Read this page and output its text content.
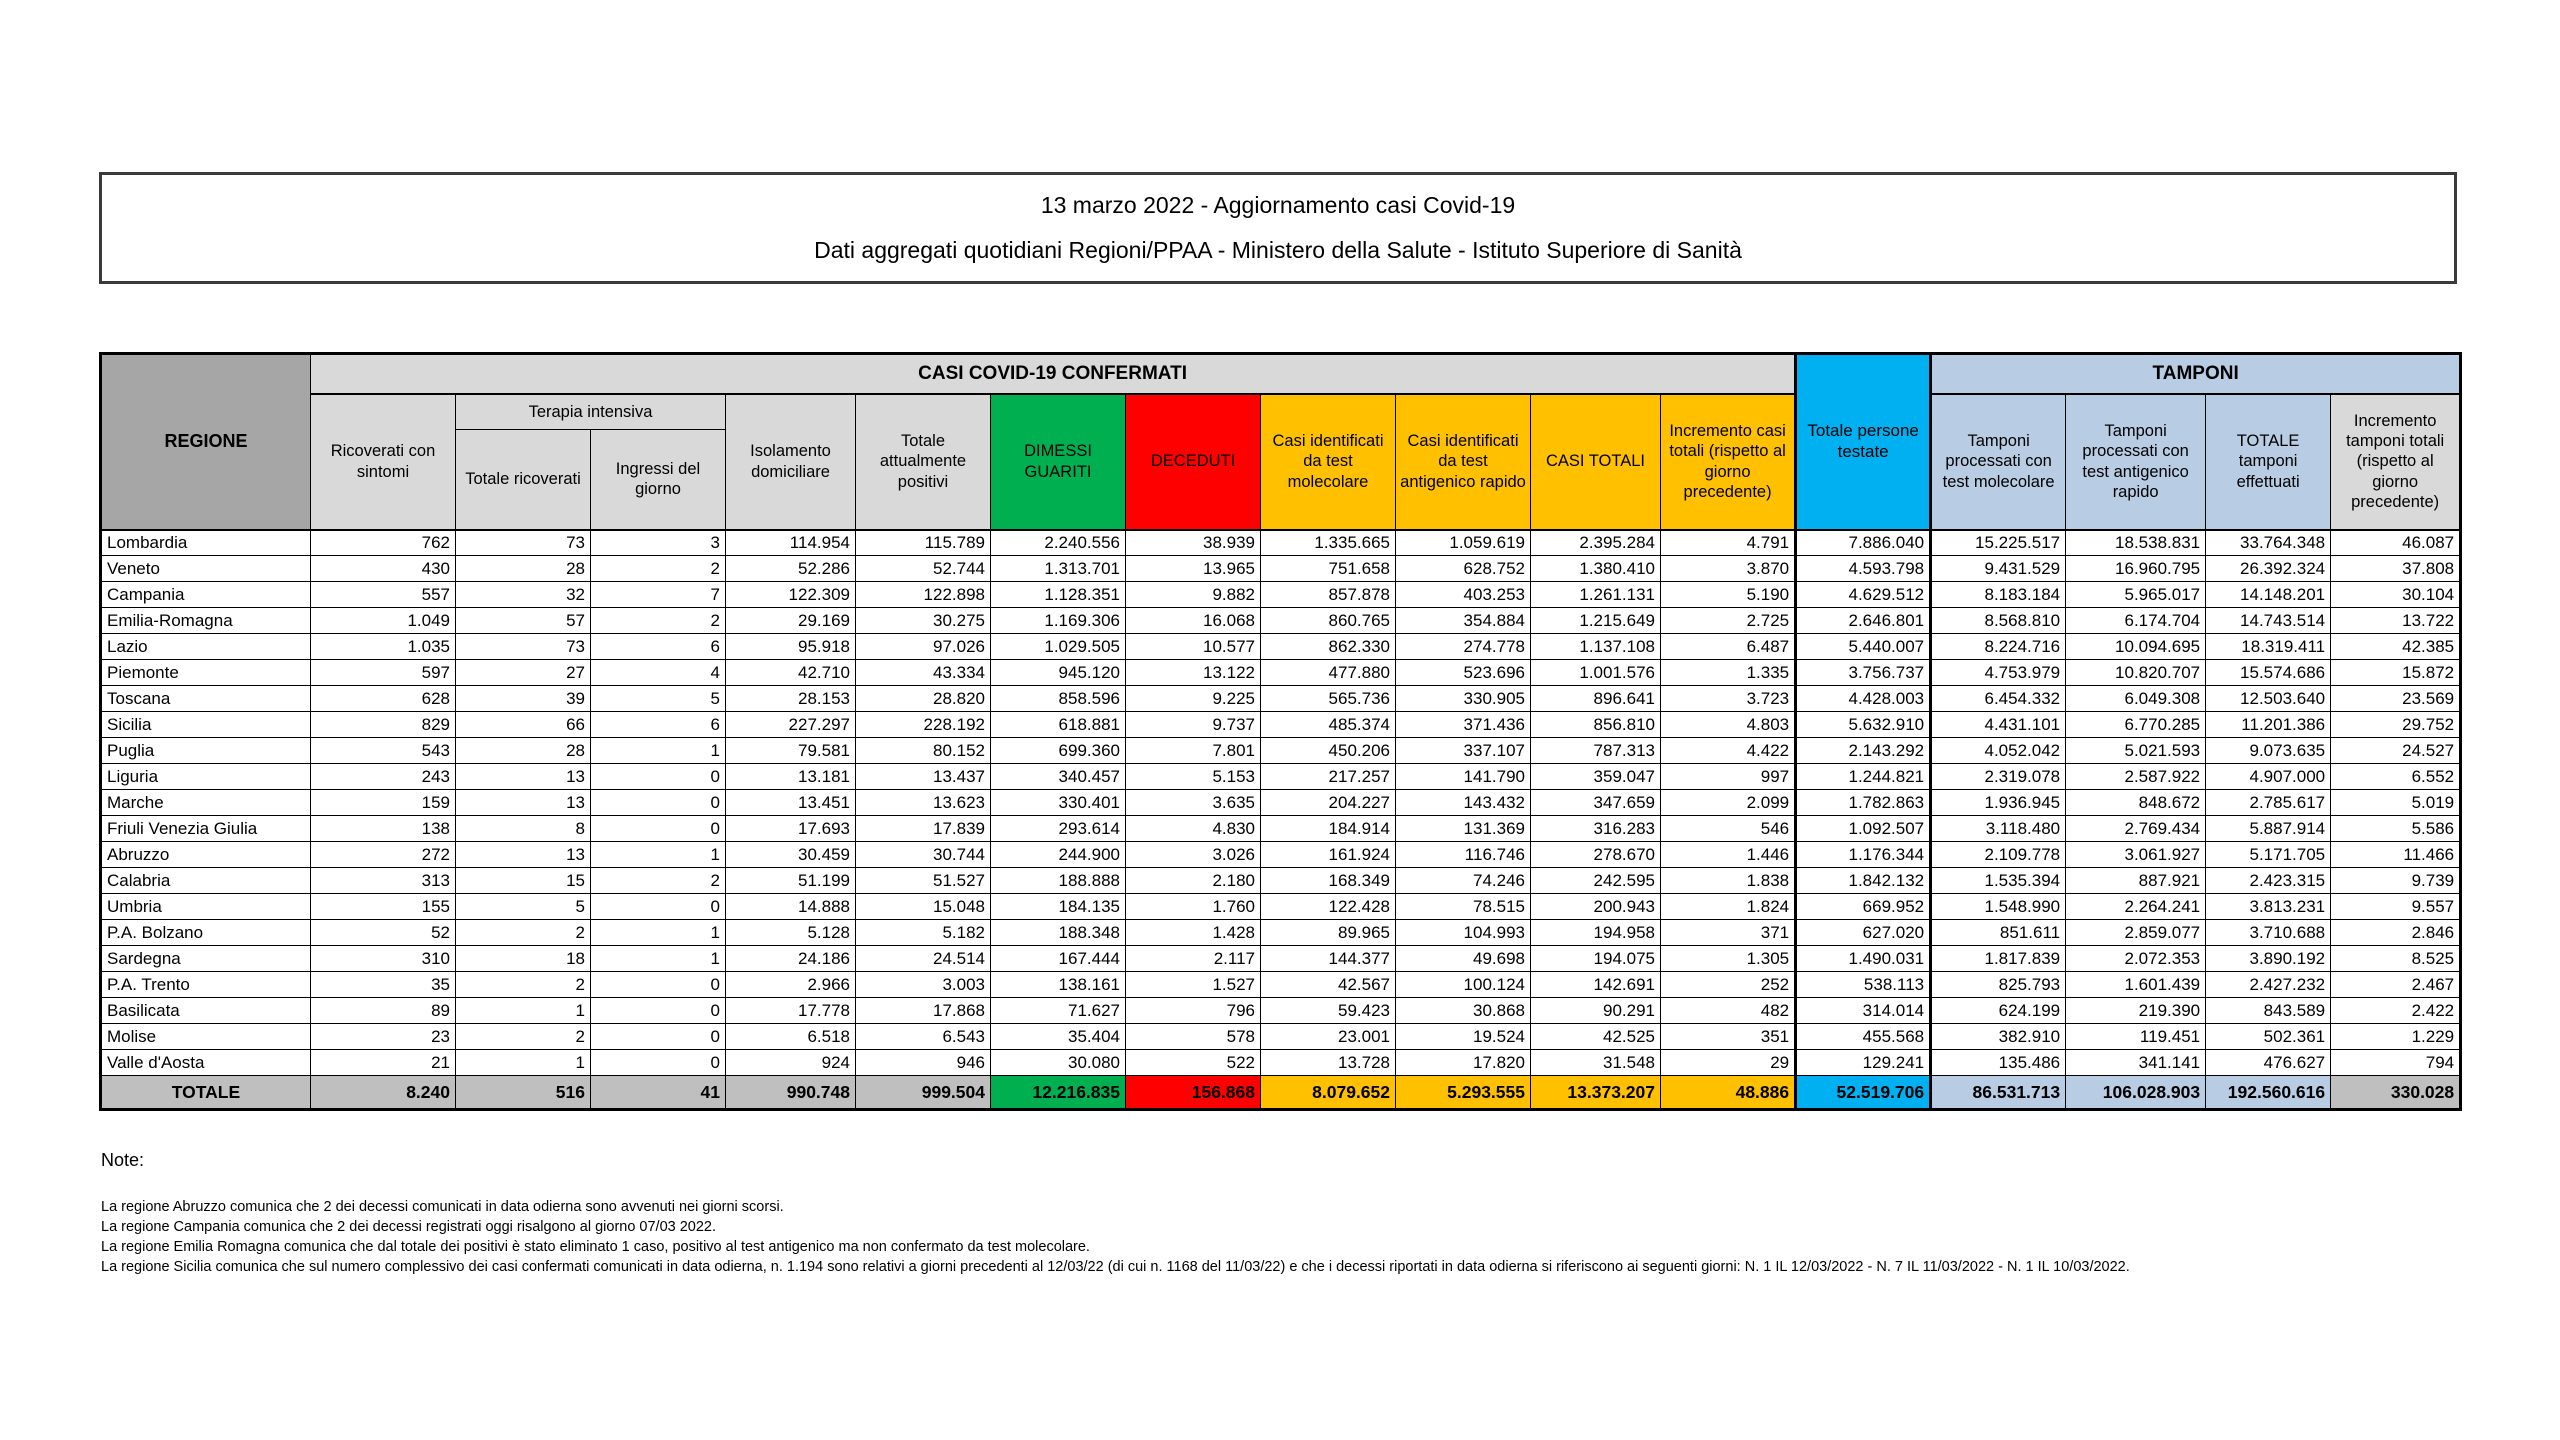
13 marzo 2022 - Aggiornamento casi Covid-19
Dati aggregati quotidiani Regioni/PPAA - Ministero della Salute - Istituto Superiore di Sanità
REGIONE	CASI COVID-19 CONFERMATI											Totale persone testate	TAMPONI			
	Ricoverati con sintomi	Terapia intensiva		Isolamento domiciliare	Totale attualmente positivi	DIMESSI GUARITI	DECEDUTI	Casi identificati da test molecolare	Casi identificati da test antigenico rapido	CASI TOTALI	Incremento casi totali (rispetto al giorno precedente)		Tamponi processati con test molecolare	Tamponi processati con test antigenico rapido	TOTALE tamponi effettuati	Incremento tamponi totali (rispetto al giorno precedente)
		Totale ricoverati	Ingressi del giorno													
Lombardia	762	73	3	114.954	115.789	2.240.556	38.939	1.335.665	1.059.619	2.395.284	4.791	7.886.040	15.225.517	18.538.831	33.764.348	46.087
Veneto	430	28	2	52.286	52.744	1.313.701	13.965	751.658	628.752	1.380.410	3.870	4.593.798	9.431.529	16.960.795	26.392.324	37.808
Campania	557	32	7	122.309	122.898	1.128.351	9.882	857.878	403.253	1.261.131	5.190	4.629.512	8.183.184	5.965.017	14.148.201	30.104
Emilia-Romagna	1.049	57	2	29.169	30.275	1.169.306	16.068	860.765	354.884	1.215.649	2.725	2.646.801	8.568.810	6.174.704	14.743.514	13.722
Lazio	1.035	73	6	95.918	97.026	1.029.505	10.577	862.330	274.778	1.137.108	6.487	5.440.007	8.224.716	10.094.695	18.319.411	42.385
Piemonte	597	27	4	42.710	43.334	945.120	13.122	477.880	523.696	1.001.576	1.335	3.756.737	4.753.979	10.820.707	15.574.686	15.872
Toscana	628	39	5	28.153	28.820	858.596	9.225	565.736	330.905	896.641	3.723	4.428.003	6.454.332	6.049.308	12.503.640	23.569
Sicilia	829	66	6	227.297	228.192	618.881	9.737	485.374	371.436	856.810	4.803	5.632.910	4.431.101	6.770.285	11.201.386	29.752
Puglia	543	28	1	79.581	80.152	699.360	7.801	450.206	337.107	787.313	4.422	2.143.292	4.052.042	5.021.593	9.073.635	24.527
Liguria	243	13	0	13.181	13.437	340.457	5.153	217.257	141.790	359.047	997	1.244.821	2.319.078	2.587.922	4.907.000	6.552
Marche	159	13	0	13.451	13.623	330.401	3.635	204.227	143.432	347.659	2.099	1.782.863	1.936.945	848.672	2.785.617	5.019
Friuli Venezia Giulia	138	8	0	17.693	17.839	293.614	4.830	184.914	131.369	316.283	546	1.092.507	3.118.480	2.769.434	5.887.914	5.586
Abruzzo	272	13	1	30.459	30.744	244.900	3.026	161.924	116.746	278.670	1.446	1.176.344	2.109.778	3.061.927	5.171.705	11.466
Calabria	313	15	2	51.199	51.527	188.888	2.180	168.349	74.246	242.595	1.838	1.842.132	1.535.394	887.921	2.423.315	9.739
Umbria	155	5	0	14.888	15.048	184.135	1.760	122.428	78.515	200.943	1.824	669.952	1.548.990	2.264.241	3.813.231	9.557
P.A. Bolzano	52	2	1	5.128	5.182	188.348	1.428	89.965	104.993	194.958	371	627.020	851.611	2.859.077	3.710.688	2.846
Sardegna	310	18	1	24.186	24.514	167.444	2.117	144.377	49.698	194.075	1.305	1.490.031	1.817.839	2.072.353	3.890.192	8.525
P.A. Trento	35	2	0	2.966	3.003	138.161	1.527	42.567	100.124	142.691	252	538.113	825.793	1.601.439	2.427.232	2.467
Basilicata	89	1	0	17.778	17.868	71.627	796	59.423	30.868	90.291	482	314.014	624.199	219.390	843.589	2.422
Molise	23	2	0	6.518	6.543	35.404	578	23.001	19.524	42.525	351	455.568	382.910	119.451	502.361	1.229
Valle d'Aosta	21	1	0	924	946	30.080	522	13.728	17.820	31.548	29	129.241	135.486	341.141	476.627	794
TOTALE	8.240	516	41	990.748	999.504	12.216.835	156.868	8.079.652	5.293.555	13.373.207	48.886	52.519.706	86.531.713	106.028.903	192.560.616	330.028
Note:
La regione Abruzzo comunica che 2 dei decessi comunicati in data odierna sono avvenuti nei giorni scorsi.
La regione Campania comunica che 2 dei decessi registrati oggi risalgono al giorno 07/03 2022.
La regione Emilia Romagna comunica che dal totale dei positivi è stato eliminato 1 caso, positivo al test antigenico ma non confermato da test molecolare.
La regione Sicilia comunica che sul numero complessivo dei casi confermati comunicati in data odierna, n. 1.194 sono relativi a giorni precedenti al 12/03/22 (di cui n. 1168 del 11/03/22) e che i decessi riportati in data odierna si riferiscono ai seguenti giorni: N. 1 IL 12/03/2022 - N. 7 IL 11/03/2022 - N. 1 IL 10/03/2022.
